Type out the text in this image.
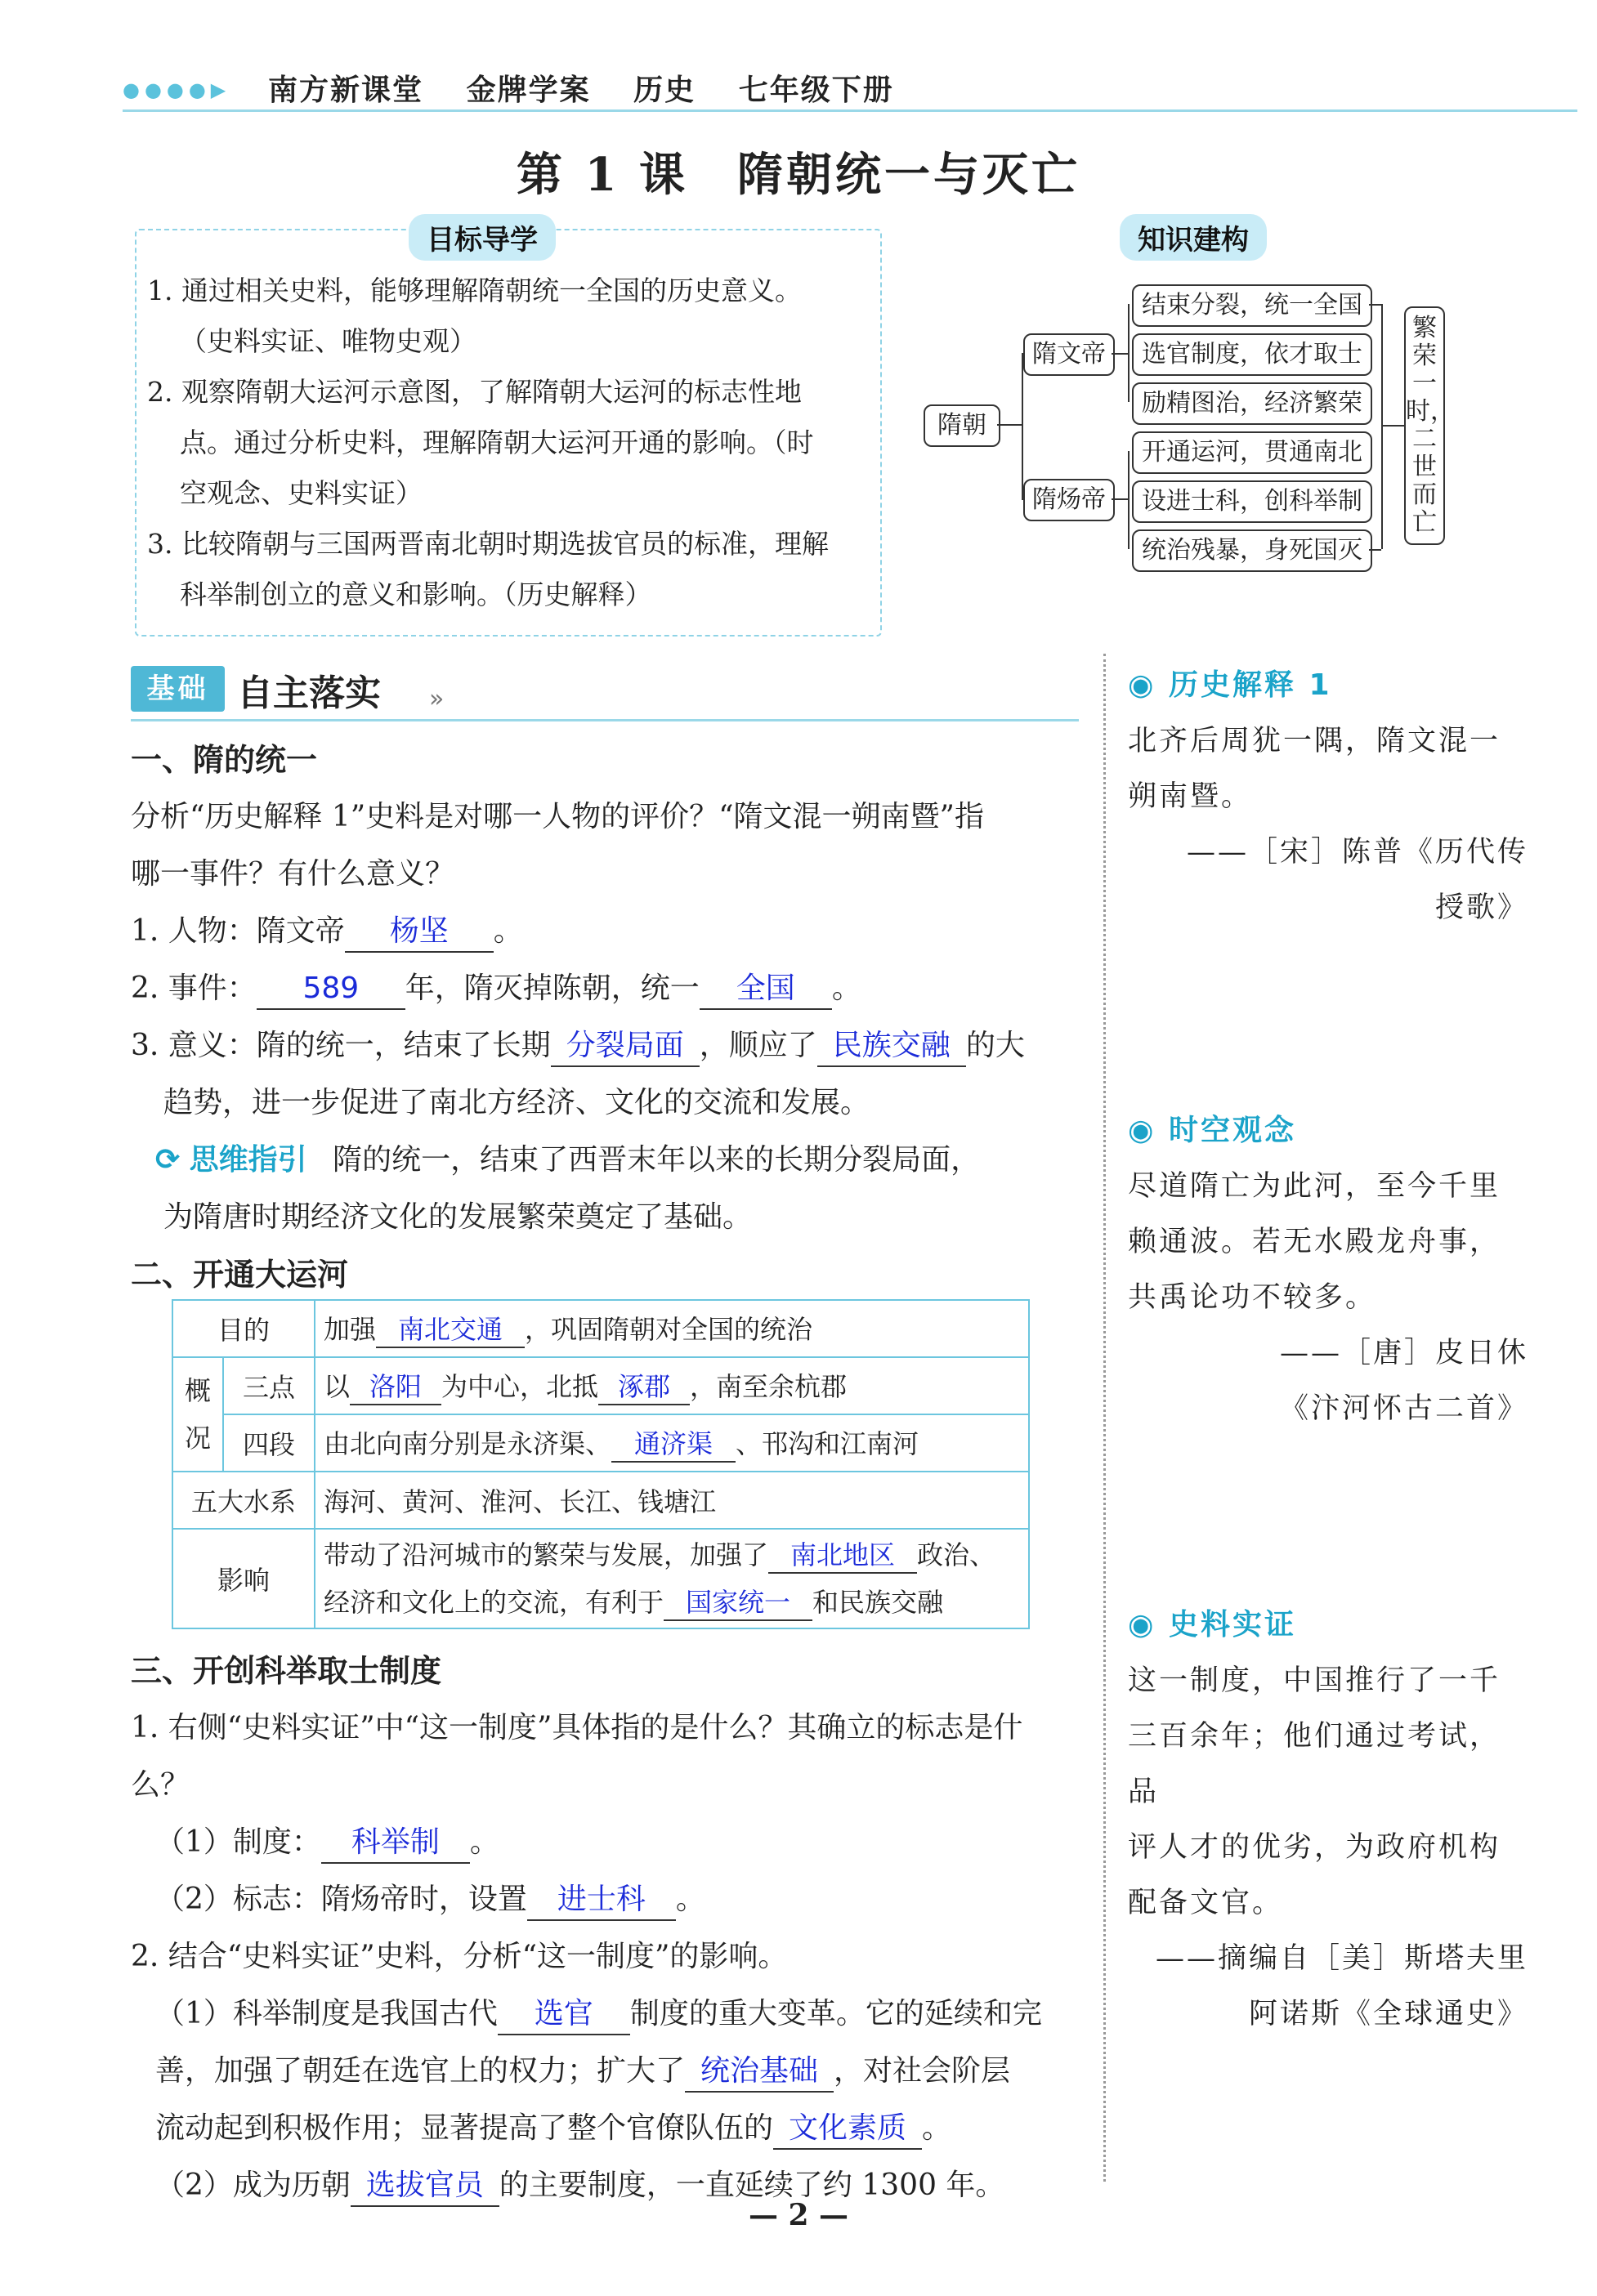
●●●●▶ 南方新课堂 金牌学案 历史 七年级下册
第 1 课　隋朝统一与灭亡
目标导学
1. 通过相关史料，能够理解隋朝统一全国的历史意义。
（史料实证、唯物史观）
2. 观察隋朝大运河示意图，了解隋朝大运河的标志性地
点。通过分析史料，理解隋朝大运河开通的影响。（时
空观念、史料实证）
3. 比较隋朝与三国两晋南北朝时期选拔官员的标准，理解
科举制创立的意义和影响。（历史解释）
知识建构
隋朝
隋文帝
隋炀帝
结束分裂，统一全国
选官制度，依才取士
励精图治，经济繁荣
开通运河，贯通南北
设进士科，创科举制
统治残暴，身死国灭
繁荣一时，二世而亡
基础 自主落实 »
一、隋的统一
分析“历史解释 1”史料是对哪一人物的评价？“隋文混一朔南暨”指
哪一事件？有什么意义？
1. 人物：隋文帝 杨坚 。
2. 事件： 589 年，隋灭掉陈朝，统一 全国 。
3. 意义：隋的统一，结束了长期 分裂局面 ，顺应了 民族交融 的大
趋势，进一步促进了南北方经济、文化的交流和发展。
⟳ 思维指引 隋的统一，结束了西晋末年以来的长期分裂局面，
为隋唐时期经济文化的发展繁荣奠定了基础。
二、开通大运河
目的		加强 南北交通 ，巩固隋朝对全国的统治
概况	三点	以 洛阳 为中心，北抵 涿郡 ，南至余杭郡
	四段	由北向南分别是永济渠、 通济渠 、邗沟和江南河
五大水系		海河、黄河、淮河、长江、钱塘江
影响		带动了沿河城市的繁荣与发展，加强了 南北地区 政治、
经济和文化上的交流，有利于 国家统一 和民族交融
三、开创科举取士制度
1. 右侧“史料实证”中“这一制度”具体指的是什么？其确立的标志是什么？
（1）制度： 科举制 。
（2）标志：隋炀帝时，设置 进士科 。
2. 结合“史料实证”史料，分析“这一制度”的影响。
（1）科举制度是我国古代 选官 制度的重大变革。它的延续和完
善，加强了朝廷在选官上的权力；扩大了 统治基础 ，对社会阶层
流动起到积极作用；显著提高了整个官僚队伍的 文化素质 。
（2）成为历朝 选拔官员 的主要制度，一直延续了约 1300 年。
◉ 历史解释 1
北齐后周犹一隅，隋文混一
朔南暨。
——［宋］陈普《历代传
授歌》
◉ 时空观念
尽道隋亡为此河，至今千里
赖通波。若无水殿龙舟事，
共禹论功不较多。
——［唐］皮日休
《汴河怀古二首》
◉ 史料实证
这一制度，中国推行了一千
三百余年；他们通过考试，品
评人才的优劣，为政府机构
配备文官。
——摘编自［美］斯塔夫里
阿诺斯《全球通史》
— 2 —
